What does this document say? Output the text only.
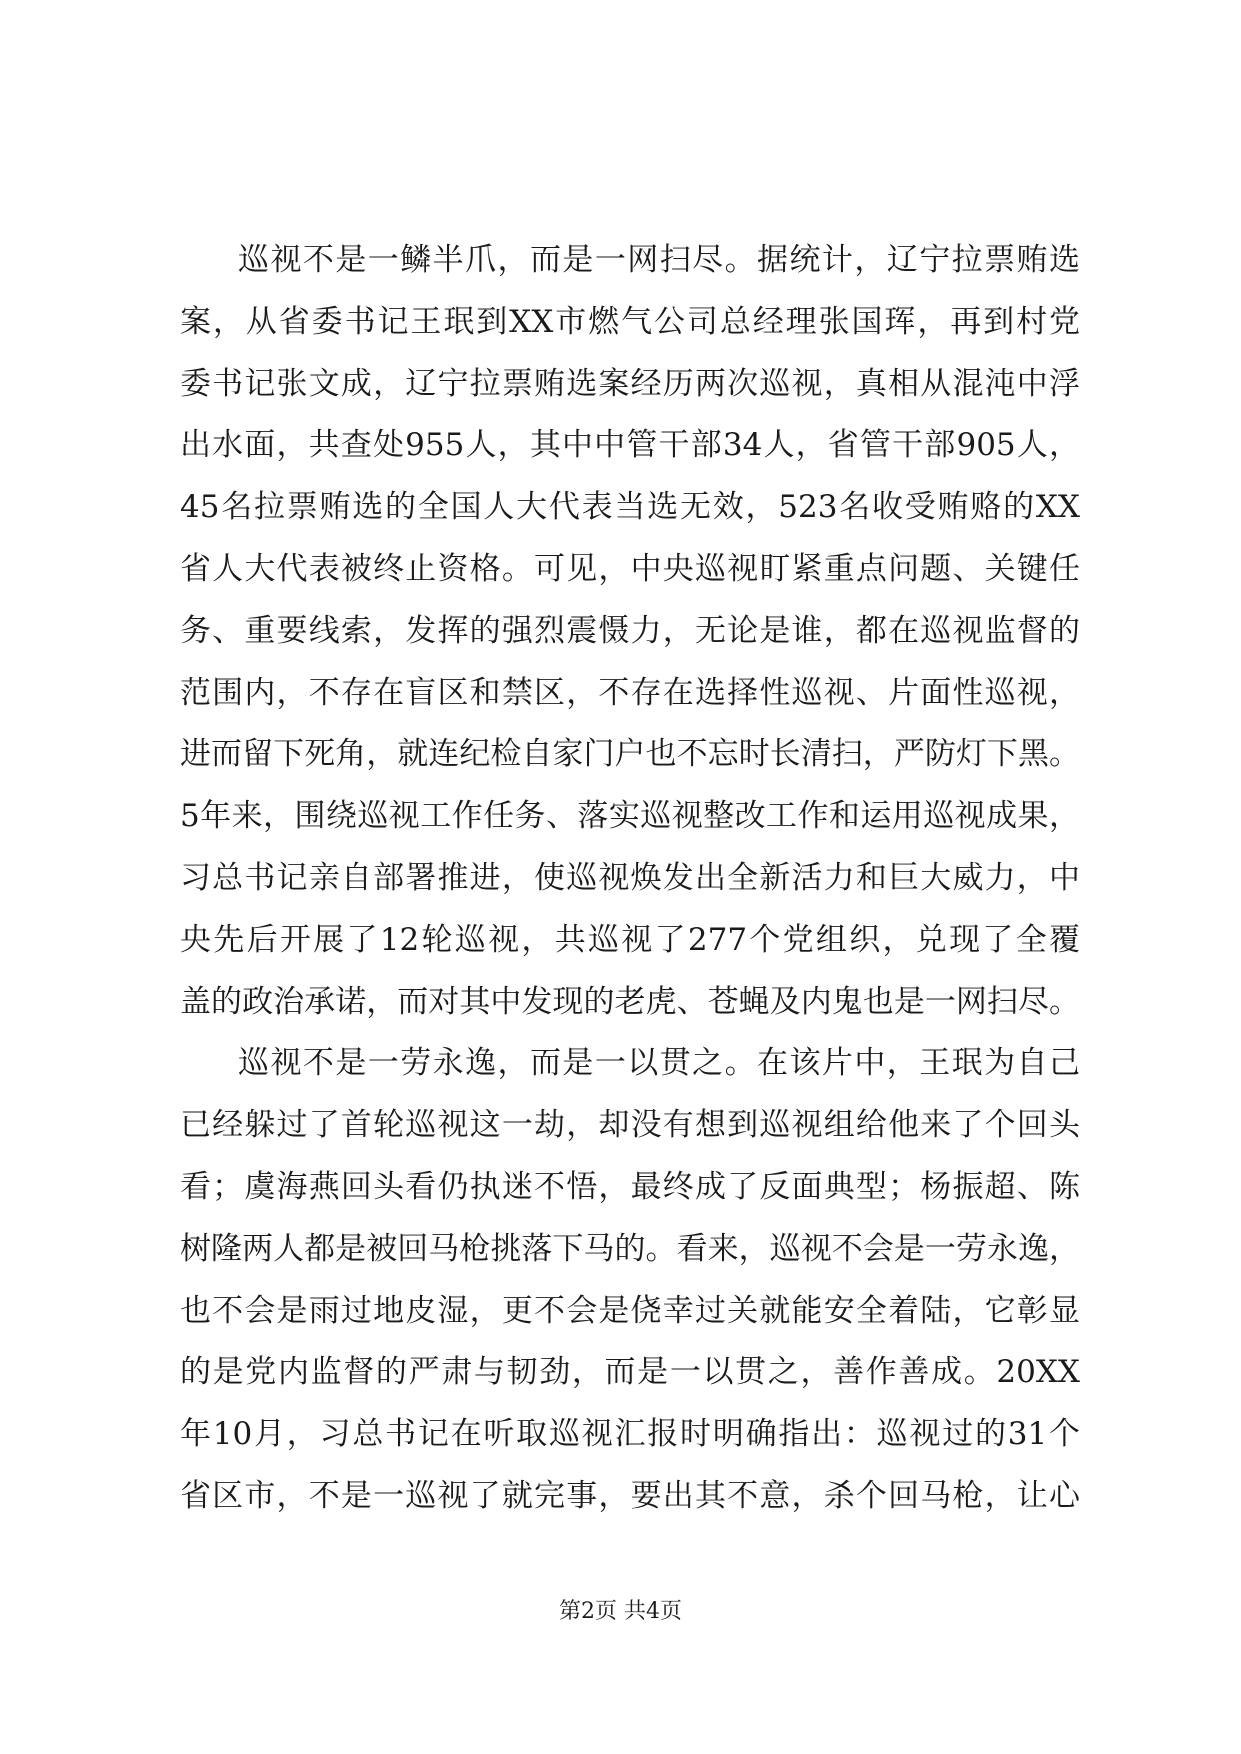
巡视不是一鳞半爪，而是一网扫尽。据统计，辽宁拉票贿选
案，从省委书记王珉到XX市燃气公司总经理张国珲，再到村党
委书记张文成，辽宁拉票贿选案经历两次巡视，真相从混沌中浮
出水面，共查处955人，其中中管干部34人，省管干部905人，
45名拉票贿选的全国人大代表当选无效，523名收受贿赂的XX
省人大代表被终止资格。可见，中央巡视盯紧重点问题、关键任
务、重要线索，发挥的强烈震慑力，无论是谁，都在巡视监督的
范围内，不存在盲区和禁区，不存在选择性巡视、片面性巡视，
进而留下死角，就连纪检自家门户也不忘时长清扫，严防灯下黑。
5年来，围绕巡视工作任务、落实巡视整改工作和运用巡视成果，
习总书记亲自部署推进，使巡视焕发出全新活力和巨大威力，中
央先后开展了12轮巡视，共巡视了277个党组织，兑现了全覆
盖的政治承诺，而对其中发现的老虎、苍蝇及内鬼也是一网扫尽。
巡视不是一劳永逸，而是一以贯之。在该片中，王珉为自己
已经躲过了首轮巡视这一劫，却没有想到巡视组给他来了个回头
看；虞海燕回头看仍执迷不悟，最终成了反面典型；杨振超、陈
树隆两人都是被回马枪挑落下马的。看来，巡视不会是一劳永逸，
也不会是雨过地皮湿，更不会是侥幸过关就能安全着陆，它彰显
的是党内监督的严肃与韧劲，而是一以贯之，善作善成。20XX
年10月，习总书记在听取巡视汇报时明确指出：巡视过的31个
省区市，不是一巡视了就完事，要出其不意，杀个回马枪，让心
第2页 共4页
